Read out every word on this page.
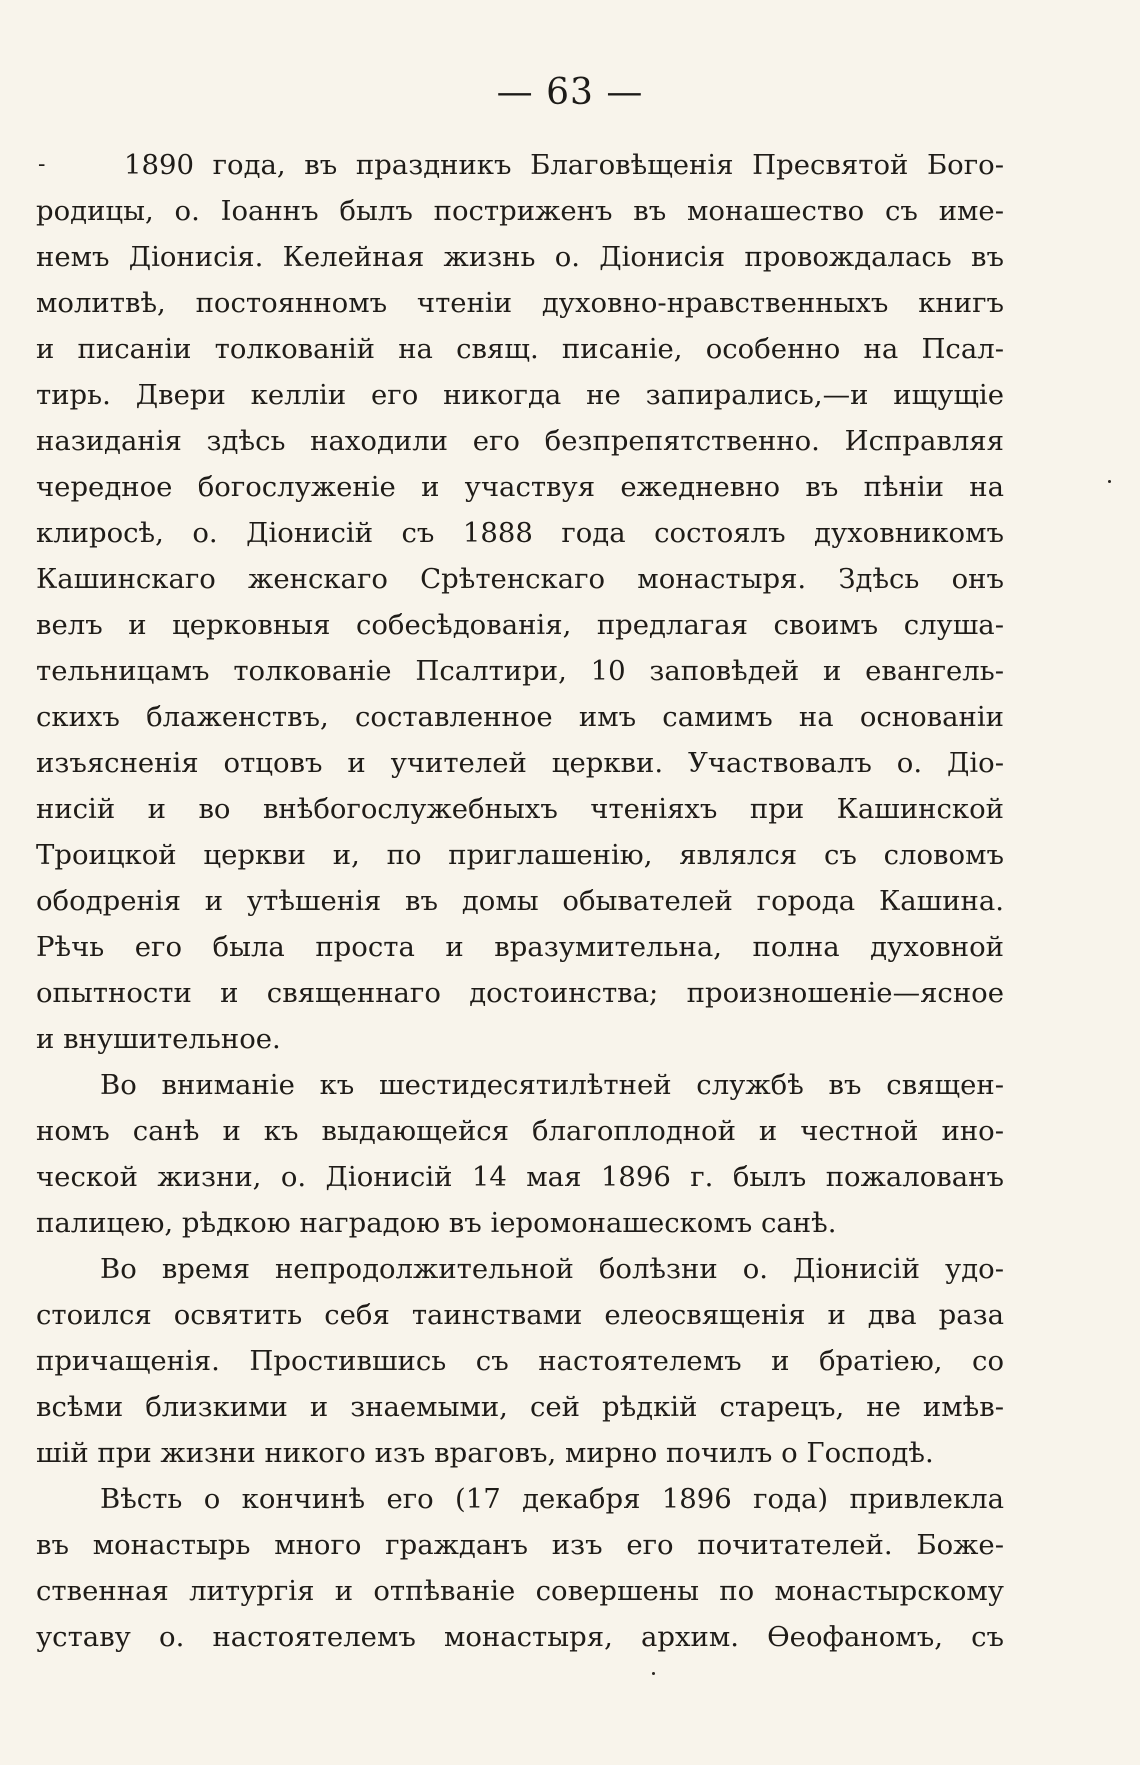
— 63 —
- 1890 года, въ праздникъ Благовѣщенія Пресвятой Бого-
родицы, о. Іоаннъ былъ постриженъ въ монашество съ име-
немъ Діонисія. Келейная жизнь о. Діонисія провождалась въ
молитвѣ, постоянномъ чтеніи духовно-нравственныхъ книгъ
и писаніи толкованій на свящ. писаніе, особенно на Псал-
тирь. Двери келліи его никогда не запирались,—и ищущіе
назиданія здѣсь находили его безпрепятственно. Исправляя
чередное богослуженіе и участвуя ежедневно въ пѣніи на
клиросѣ, о. Діонисій съ 1888 года состоялъ духовникомъ
Кашинскаго женскаго Срѣтенскаго монастыря. Здѣсь онъ
велъ и церковныя собесѣдованія, предлагая своимъ слуша-
тельницамъ толкованіе Псалтири, 10 заповѣдей и евангель-
скихъ блаженствъ, составленное имъ самимъ на основаніи
изъясненія отцовъ и учителей церкви. Участвовалъ о. Діо-
нисій и во внѣбогослужебныхъ чтеніяхъ при Кашинской
Троицкой церкви и, по приглашенію, являлся съ словомъ
ободренія и утѣшенія въ домы обывателей города Кашина.
Рѣчь его была проста и вразумительна, полна духовной
опытности и священнаго достоинства; произношеніе—ясное
и внушительное.
Во вниманіе къ шестидесятилѣтней службѣ въ священ-
номъ санѣ и къ выдающейся благоплодной и честной ино-
ческой жизни, о. Діонисій 14 мая 1896 г. былъ пожалованъ
палицею, рѣдкою наградою въ іеромонашескомъ санѣ.
Во время непродолжительной болѣзни о. Діонисій удо-
стоился освятить себя таинствами елеосвященія и два раза
причащенія. Простившись съ настоятелемъ и братіею, со
всѣми близкими и знаемыми, сей рѣдкій старецъ, не имѣв-
шій при жизни никого изъ враговъ, мирно почилъ о Господѣ.
Вѣсть о кончинѣ его (17 декабря 1896 года) привлекла
въ монастырь много гражданъ изъ его почитателей. Боже-
ственная литургія и отпѣваніе совершены по монастырскому
уставу о. настоятелемъ монастыря, архим. Ѳеофаномъ, съ
